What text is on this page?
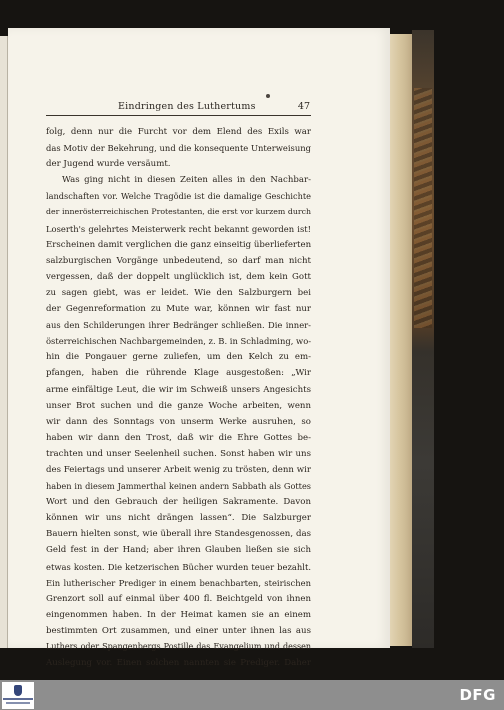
Eindringen des Luthertums	47
folg, denn nur die Furcht vor dem Elend des Exils war
das Motiv der Bekehrung, und die konsequente Unterweisung
der Jugend wurde versäumt.
Was ging nicht in diesen Zeiten alles in den Nachbar-
landschaften vor. Welche Tragödie ist die damalige Geschichte
der innerösterreichischen Protestanten, die erst vor kurzem durch
Loserth's gelehrtes Meisterwerk recht bekannt geworden ist!
Erscheinen damit verglichen die ganz einseitig überlieferten
salzburgischen Vorgänge unbedeutend, so darf man nicht
vergessen, daß der doppelt unglücklich ist, dem kein Gott
zu sagen giebt, was er leidet. Wie den Salzburgern bei
der Gegenreformation zu Mute war, können wir fast nur
aus den Schilderungen ihrer Bedränger schließen. Die inner-
österreichischen Nachbargemeinden, z. B. in Schladming, wo-
hin die Pongauer gerne zuliefen, um den Kelch zu em-
pfangen, haben die rührende Klage ausgestoßen: „Wir
arme einfältige Leut, die wir im Schweiß unsers Angesichts
unser Brot suchen und die ganze Woche arbeiten, wenn
wir dann des Sonntags von unserm Werke ausruhen, so
haben wir dann den Trost, daß wir die Ehre Gottes be-
trachten und unser Seelenheil suchen. Sonst haben wir uns
des Feiertags und unserer Arbeit wenig zu trösten, denn wir
haben in diesem Jammerthal keinen andern Sabbath als Gottes
Wort und den Gebrauch der heiligen Sakramente. Davon
können wir uns nicht drängen lassen“. Die Salzburger
Bauern hielten sonst, wie überall ihre Standesgenossen, das
Geld fest in der Hand; aber ihren Glauben ließen sie sich
etwas kosten. Die ketzerischen Bücher wurden teuer bezahlt.
Ein lutherischer Prediger in einem benachbarten, steirischen
Grenzort soll auf einmal über 400 fl. Beichtgeld von ihnen
eingenommen haben. In der Heimat kamen sie an einem
bestimmten Ort zusammen, und einer unter ihnen las aus
Luthers oder Spangenbergs Postille das Evangelium und dessen
Auslegung vor. Einen solchen nannten sie Prediger. Daher
DFG
